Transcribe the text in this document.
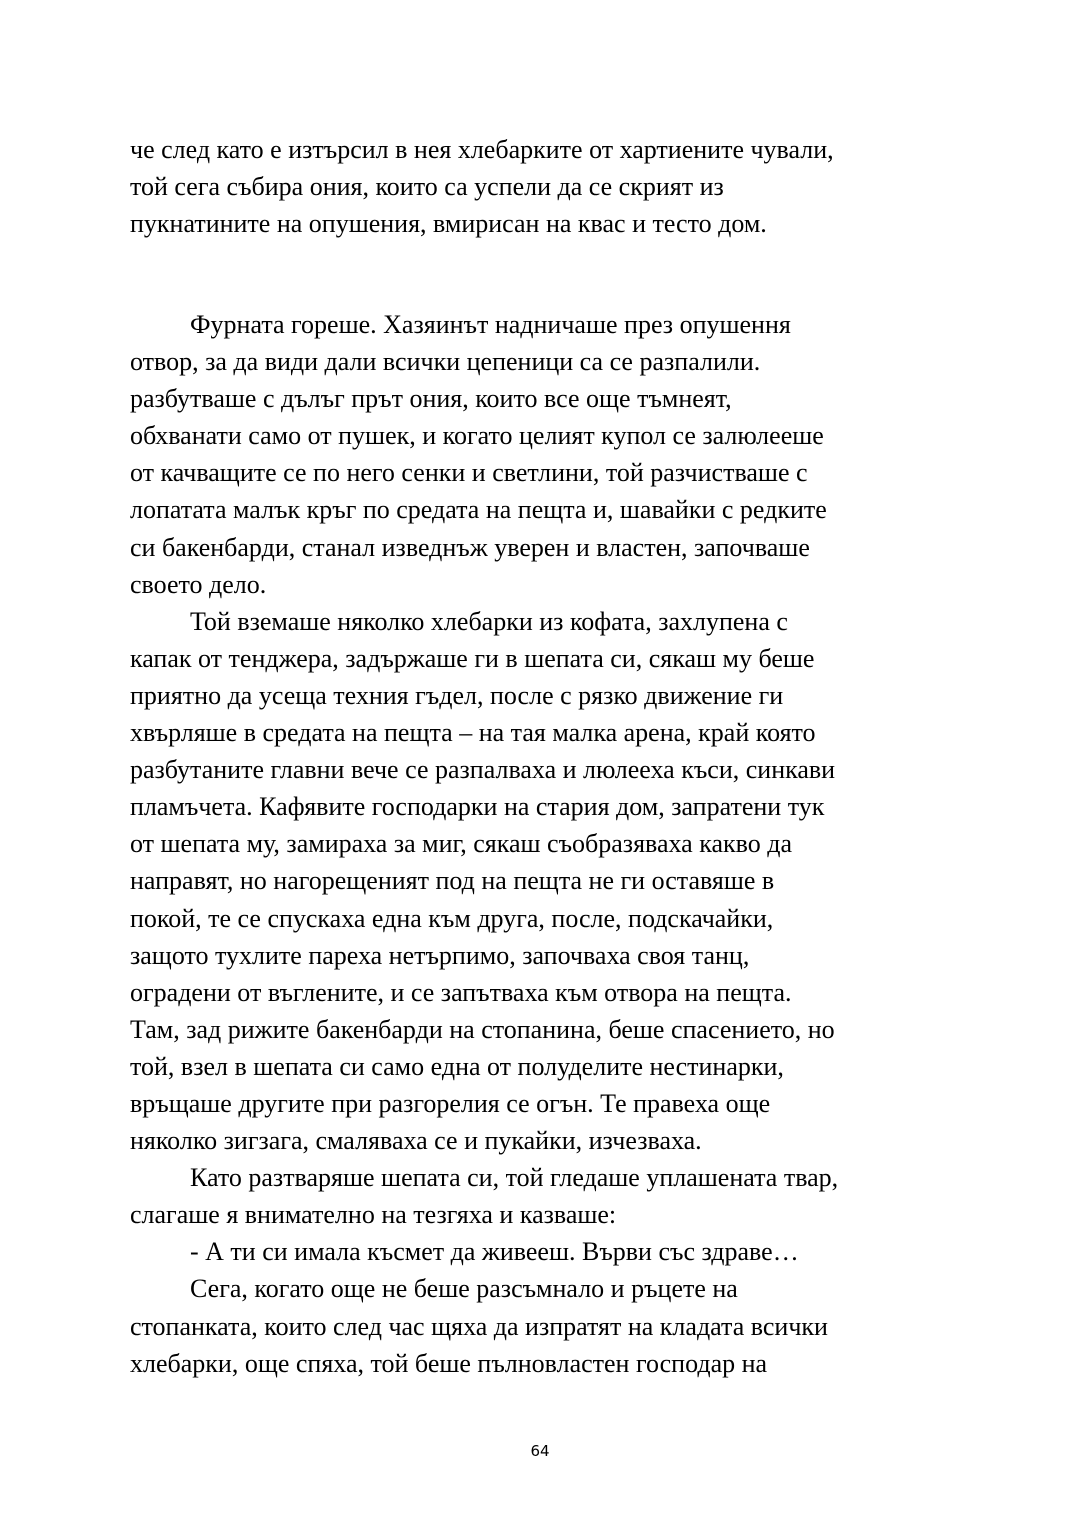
че след като е изтърсил в нея хлебарките от хартиените чували,
той сега събира ония, които са успели да се скрият из
пукнатините на опушения, вмирисан на квас и тесто дом.
Фурната гореше. Хазяинът надничаше през опушення
отвор, за да види дали всички цепеници са се разпалили.
разбутваше с дълъг прът ония, които все още тъмнеят,
обхванати само от пушек, и когато целият купол се залюлееше
от качващите се по него сенки и светлини, той разчистваше с
лопатата малък кръг по средата на пещта и, шавайки с редките
си бакенбарди, станал изведнъж уверен и властен, започваше
своето дело.
Той вземаше няколко хлебарки из кофата, захлупена с
капак от тенджера, задържаше ги в шепата си, сякаш му беше
приятно да усеща техния гъдел, после с рязко движение ги
хвърляше в средата на пещта – на тая малка арена, край която
разбутаните главни вече се разпалваха и люлееха къси, синкави
пламъчета. Кафявите господарки на стария дом, запратени тук
от шепата му, замираха за миг, сякаш съобразяваха какво да
направят, но нагорещеният под на пещта не ги оставяше в
покой, те се спускаха една към друга, после, подскачайки,
защото тухлите пареха нетърпимо, започваха своя танц,
оградени от въглените, и се запътваха към отвора на пещта.
Там, зад рижите бакенбарди на стопанина, беше спасението, но
той, взел в шепата си само една от полуделите нестинарки,
връщаше другите при разгорелия се огън. Те правеха още
няколко зигзага, смаляваха се и пукайки, изчезваха.
Като разтваряше шепата си, той гледаше уплашената твар,
слагаше я внимателно на тезгяха и казваше:
- А ти си имала късмет да живееш. Върви със здраве…
Сега, когато още не беше разсъмнало и ръцете на
стопанката, които след час щяха да изпратят на кладата всички
хлебарки, още спяха, той беше пълновластен господар на
64
